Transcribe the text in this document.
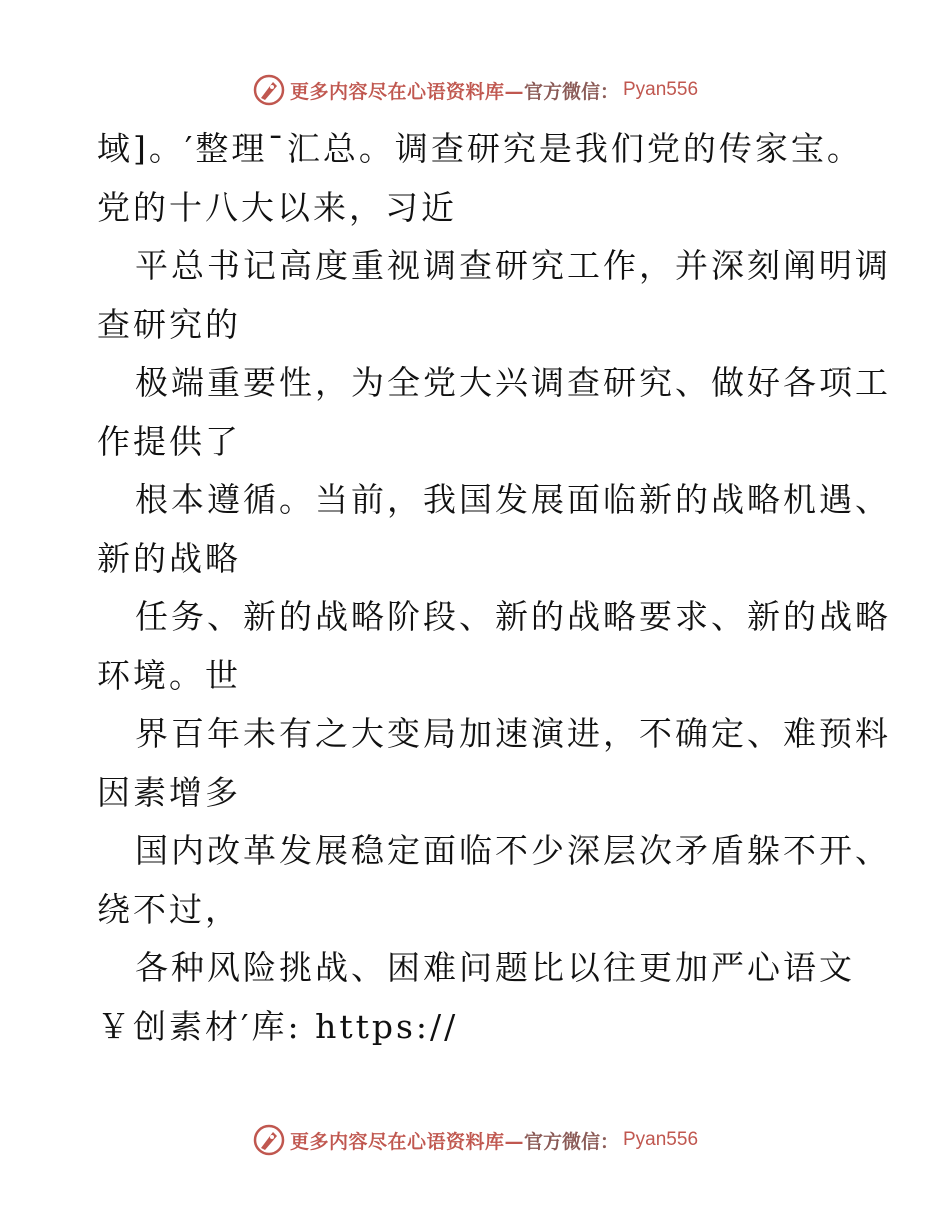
更多内容尽在心语资料库— 官方微信： Pyan556
域]。′整理¯汇总。调查研究是我们党的传家宝。
党的十八大以来，习近
平总书记高度重视调查研究工作，并深刻阐明调
查研究的
极端重要性，为全党大兴调查研究、做好各项工
作提供了
根本遵循。当前，我国发展面临新的战略机遇、
新的战略
任务、新的战略阶段、新的战略要求、新的战略
环境。世
界百年未有之大变局加速演进，不确定、难预料
因素增多
国内改革发展稳定面临不少深层次矛盾躲不开、
绕不过，
各种风险挑战、困难问题比以往更加严心语文
￥创素材′库: https://
更多内容尽在心语资料库— 官方微信： Pyan556
